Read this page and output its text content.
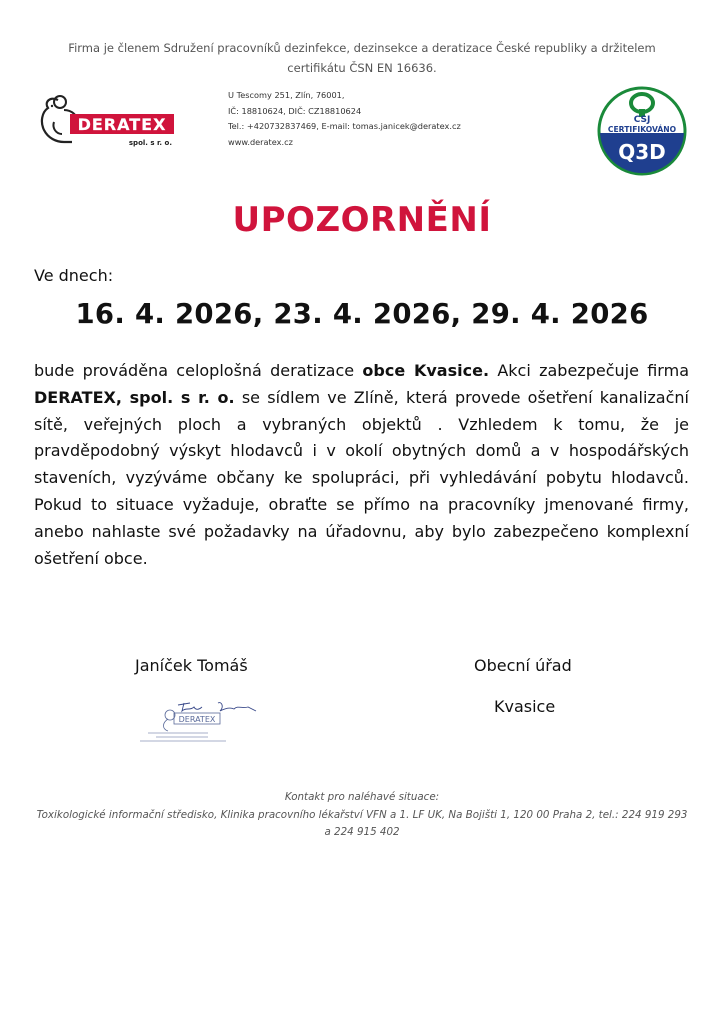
Firma je členem Sdružení pracovníků dezinfekce, dezinsekce a deratizace České republiky a držitelem
certifikátu ČSN EN 16636.
DERATEX
spol. s r. o.
U Tescomy 251, Zlín, 76001,
IČ: 18810624, DIČ: CZ18810624
Tel.: +420732837469, E-mail: tomas.janicek@deratex.cz
www.deratex.cz
CSJ
CERTIFIKOVÁNO
Q3D
UPOZORNĚNÍ
Ve dnech:
16. 4. 2026, 23. 4. 2026, 29. 4. 2026
bude prováděna celoplošná deratizace obce Kvasice. Akci zabezpečuje firma DERATEX, spol. s r. o. se sídlem ve Zlíně, která provede ošetření kanalizační sítě, veřejných ploch a vybraných objektů . Vzhledem k tomu, že je pravděpodobný výskyt hlodavců i v okolí obytných domů a v hospodářských staveních, vyzýváme občany ke spolupráci, při vyhledávání pobytu hlodavců. Pokud to situace vyžaduje, obraťte se přímo na pracovníky jmenované firmy, anebo nahlaste své požadavky na úřadovnu, aby bylo zabezpečeno komplexní ošetření obce.
Janíček Tomáš	Obecní úřad
Kvasice
DERATEX
Kontakt pro naléhavé situace:
Toxikologické informační středisko, Klinika pracovního lékařství VFN a 1. LF UK, Na Bojišti 1, 120 00 Praha 2, tel.: 224 919 293
a 224 915 402
